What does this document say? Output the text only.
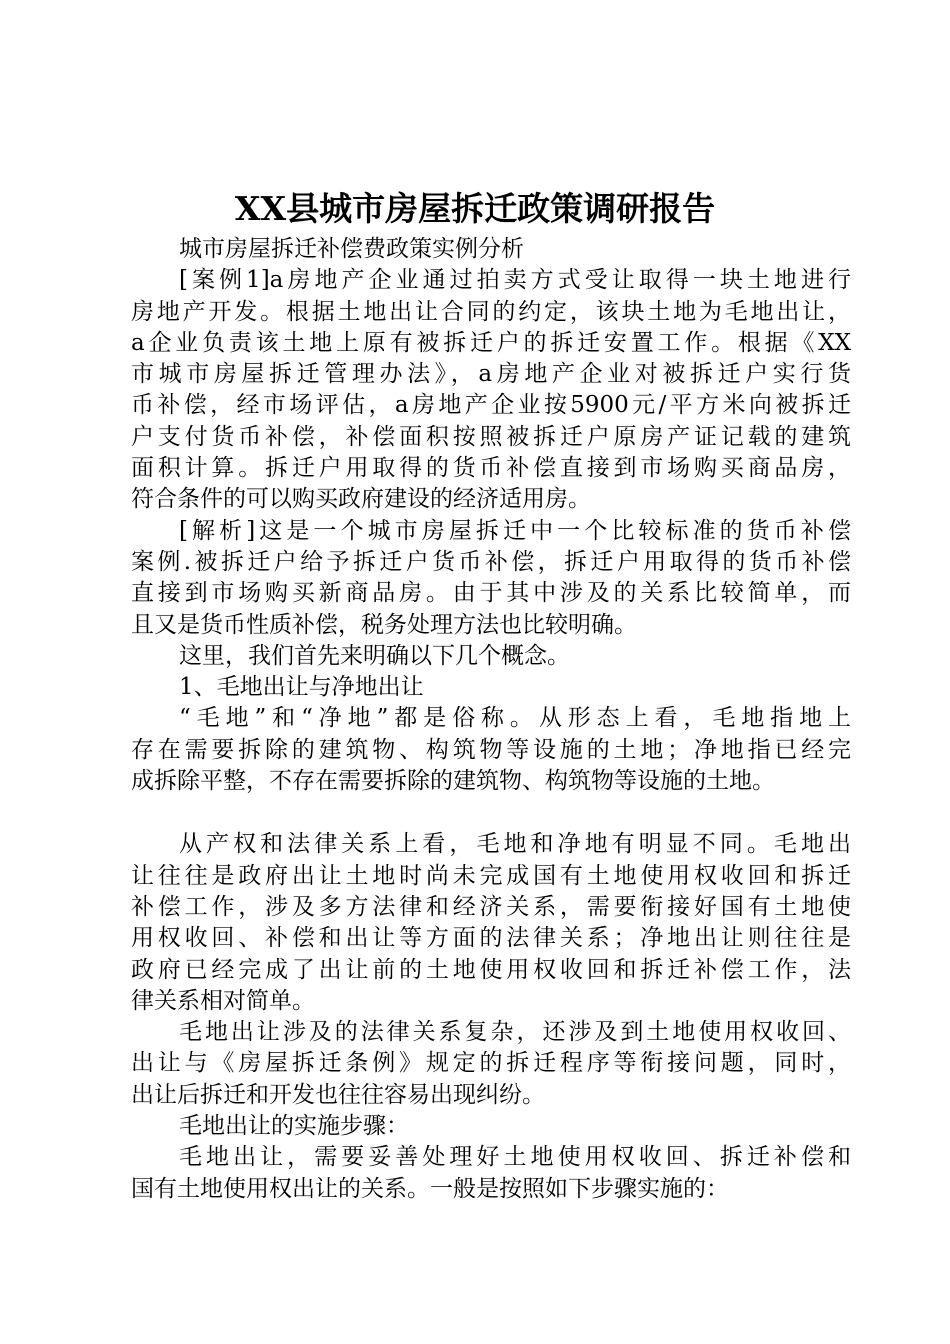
XX县城市房屋拆迁政策调研报告
城市房屋拆迁补偿费政策实例分析
[案例1]a房地产企业通过拍卖方式受让取得一块土地进行
房地产开发。根据土地出让合同的约定，该块土地为毛地出让，
a企业负责该土地上原有被拆迁户的拆迁安置工作。根据《XX
市城市房屋拆迁管理办法》，a房地产企业对被拆迁户实行货
币补偿，经市场评估，a房地产企业按5900元/平方米向被拆迁
户支付货币补偿，补偿面积按照被拆迁户原房产证记载的建筑
面积计算。拆迁户用取得的货币补偿直接到市场购买商品房，
符合条件的可以购买政府建设的经济适用房。
[解析]这是一个城市房屋拆迁中一个比较标准的货币补偿
案例.被拆迁户给予拆迁户货币补偿，拆迁户用取得的货币补偿
直接到市场购买新商品房。由于其中涉及的关系比较简单，而
且又是货币性质补偿，税务处理方法也比较明确。
这里，我们首先来明确以下几个概念。
1、毛地出让与净地出让
“毛地”和“净地”都是俗称。从形态上看，毛地指地上
存在需要拆除的建筑物、构筑物等设施的土地；净地指已经完
成拆除平整，不存在需要拆除的建筑物、构筑物等设施的土地。
从产权和法律关系上看，毛地和净地有明显不同。毛地出
让往往是政府出让土地时尚未完成国有土地使用权收回和拆迁
补偿工作，涉及多方法律和经济关系，需要衔接好国有土地使
用权收回、补偿和出让等方面的法律关系；净地出让则往往是
政府已经完成了出让前的土地使用权收回和拆迁补偿工作，法
律关系相对简单。
毛地出让涉及的法律关系复杂，还涉及到土地使用权收回、
出让与《房屋拆迁条例》规定的拆迁程序等衔接问题，同时，
出让后拆迁和开发也往往容易出现纠纷。
毛地出让的实施步骤：
毛地出让，需要妥善处理好土地使用权收回、拆迁补偿和
国有土地使用权出让的关系。一般是按照如下步骤实施的：
